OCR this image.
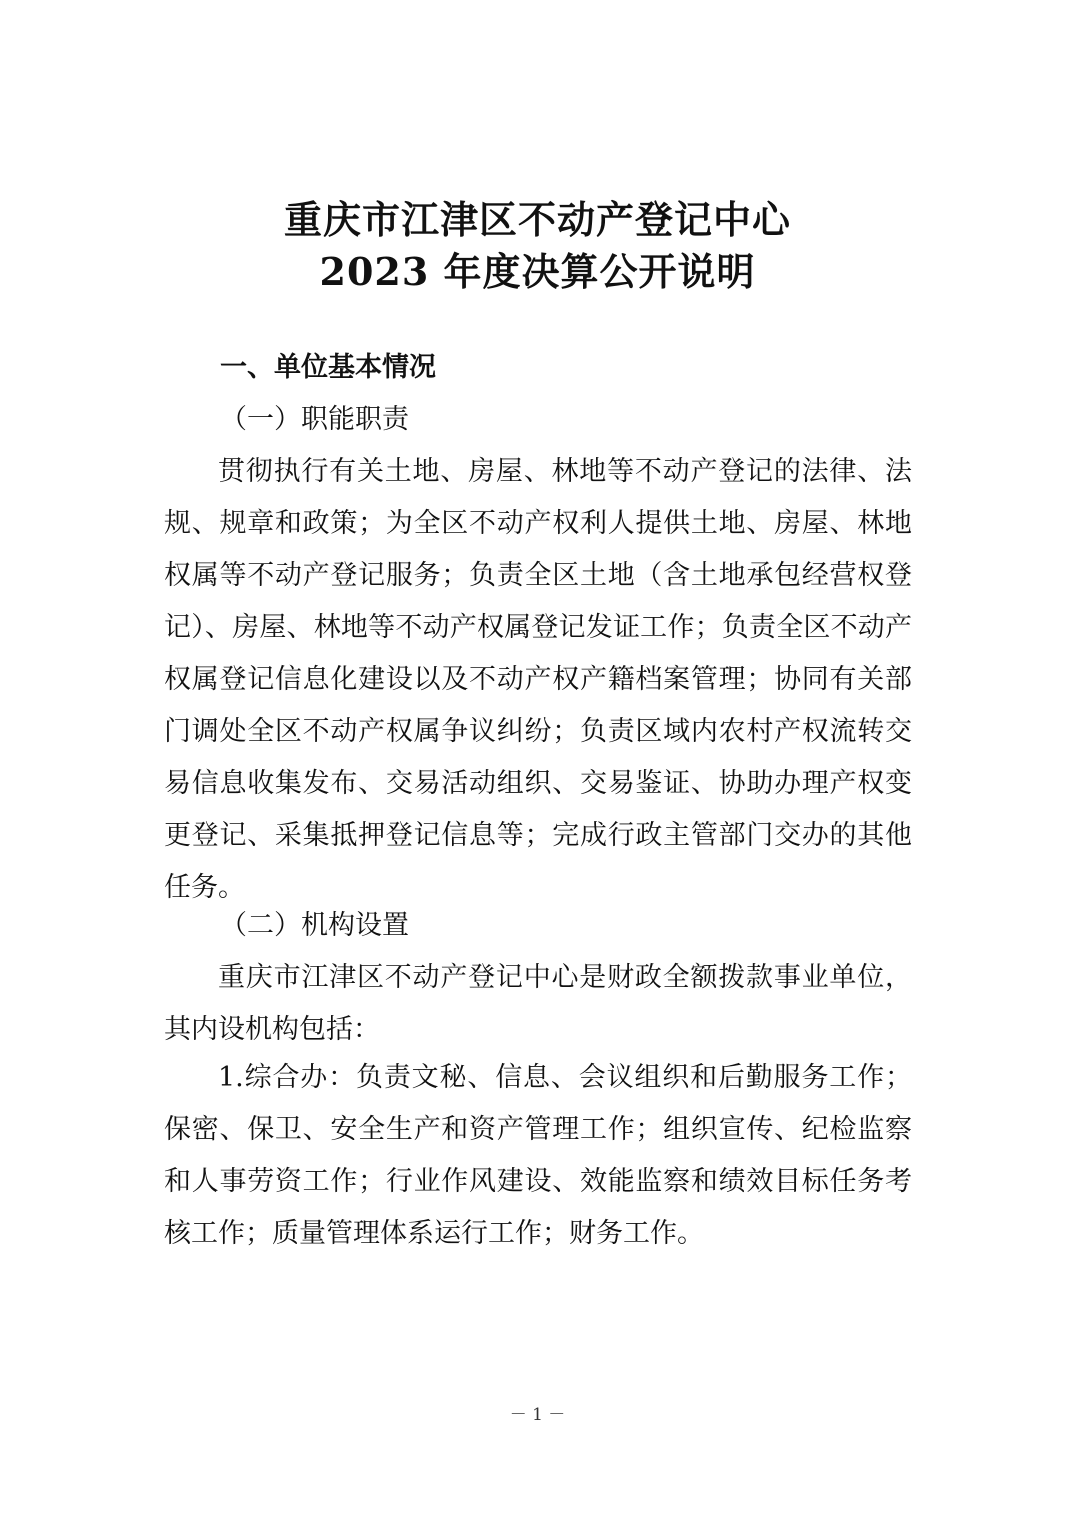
重庆市江津区不动产登记中心
2023 年度决算公开说明
一、单位基本情况
（一）职能职责
贯彻执行有关土地、房屋、林地等不动产登记的法律、法规、规章和政策；为全区不动产权利人提供土地、房屋、林地权属等不动产登记服务；负责全区土地（含土地承包经营权登记）、房屋、林地等不动产权属登记发证工作；负责全区不动产权属登记信息化建设以及不动产权产籍档案管理；协同有关部门调处全区不动产权属争议纠纷；负责区域内农村产权流转交易信息收集发布、交易活动组织、交易鉴证、协助办理产权变更登记、采集抵押登记信息等；完成行政主管部门交办的其他任务。
（二）机构设置
重庆市江津区不动产登记中心是财政全额拨款事业单位，其内设机构包括：
1.综合办：负责文秘、信息、会议组织和后勤服务工作；保密、保卫、安全生产和资产管理工作；组织宣传、纪检监察和人事劳资工作；行业作风建设、效能监察和绩效目标任务考核工作；质量管理体系运行工作；财务工作。
－ 1 －
